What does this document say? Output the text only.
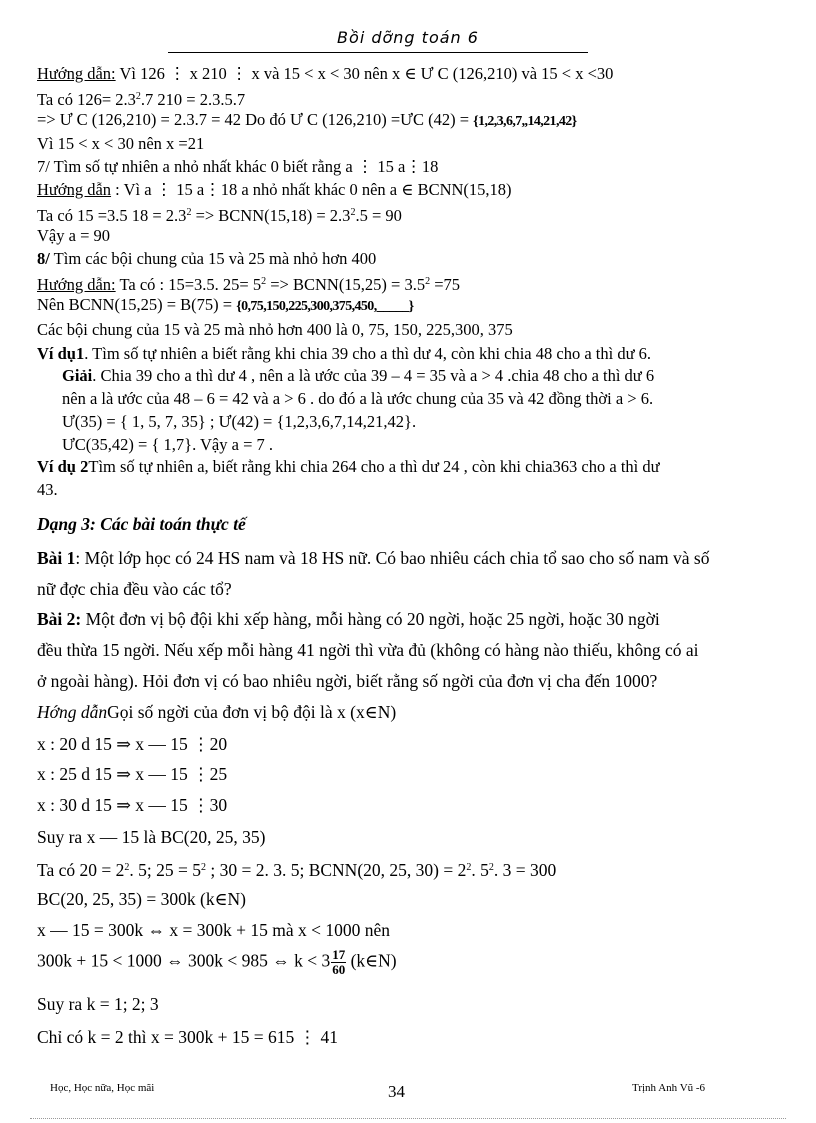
Bồi dỡng toán 6
Hướng dẫn: Vì 126 ⋮ x 210 ⋮ x và 15 < x < 30 nên x ∈ Ư C (126,210) và 15 < x <30
Ta có $126= 2.3^2.7$ 210 = 2.3.5.7
=> Ư C (126,210) = 2.3.7 = 42 Do đó Ư C (126,210) =ƯC (42) = {1,2,3,6,7,,14,21,42}
Vì 15 < x < 30 nên x =21
7/ Tìm số tự nhiên a nhỏ nhất khác 0 biết rằng a ⋮ 15 a⋮18
Hướng dẫn : Vì a ⋮ 15 a⋮18 a nhỏ nhất khác 0 nên a ∈ BCNN(15,18)
Ta có 15 =3.5 $18 = 2.3^2$ => BCNN(15,18) = $2.3^2.5 = 90$
Vậy a = 90
8/ Tìm các bội chung của 15 và 25 mà nhỏ hơn 400
Hướng dẫn: Ta có : 15=3.5. $25= 5^2$ => BCNN(15,25) = $3.5^2 =75$
Nên BCNN(15,25) = B(75) = {0,75,150,225,300,375,450,_____}
Các bội chung của 15 và 25 mà nhỏ hơn 400 là 0, 75, 150, 225,300, 375
Ví dụ1. Tìm số tự nhiên a biết rằng khi chia 39 cho a thì dư 4, còn khi chia 48 cho a thì dư 6.
Giải. Chia 39 cho a thì dư 4 , nên a là ước của 39 – 4 = 35 và a > 4 .chia 48 cho a thì dư 6
nên a là ước của 48 – 6 = 42 và a > 6 . do đó a là ước chung của 35 và 42 đồng thời a > 6.
Ư(35) = { 1, 5, 7, 35} ; Ư(42) = {1,2,3,6,7,14,21,42}.
ƯC(35,42) = { 1,7}. Vậy a = 7 .
Ví dụ 2Tìm số tự nhiên a, biết rằng khi chia 264 cho a thì dư 24 , còn khi chia363 cho a thì dư
43.
Dạng 3: Các bài toán thực tế
Bài 1: Một lớp học có 24 HS nam và 18 HS nữ. Có bao nhiêu cách chia tổ sao cho số nam và số
nữ đợc chia đều vào các tổ?
Bài 2: Một đơn vị bộ đội khi xếp hàng, mỗi hàng có 20 ngời, hoặc 25 ngời, hoặc 30 ngời
đều thừa 15 ngời. Nếu xếp mỗi hàng 41 ngời thì vừa đủ (không có hàng nào thiếu, không có ai
ở ngoài hàng). Hỏi đơn vị có bao nhiêu ngời, biết rằng số ngời của đơn vị cha đến 1000?
Hớng dẫnGọi số ngời của đơn vị bộ đội là x (x∈N)
x : 20 d 15 ⇒ x — 15 ⋮20
x : 25 d 15 ⇒ x — 15 ⋮25
x : 30 d 15 ⇒ x — 15 ⋮30
Suy ra x — 15 là BC(20, 25, 35)
Ta có $20 = 2^2$. 5; $25 = 5^2$ ; 30 = 2. 3. 5; BCNN(20, 25, $30) = 2^2$. $5^2$. 3 = 300
BC(20, 25, 35) = 300k (k∈N)
x — 15 = 300k ⇔ x = 300k + 15 mà x < 1000 nên
300k + 15 < 1000 ⇔ 300k < 985 ⇔ $k < 3 \frac{17}{60}$ (k∈N)
Suy ra k = 1; 2; 3
Chỉ có k = 2 thì x = 300k + 15 = 615 ⋮ 41
Học, Học nữa, Học mãi	34	Trịnh Anh Vũ -6
